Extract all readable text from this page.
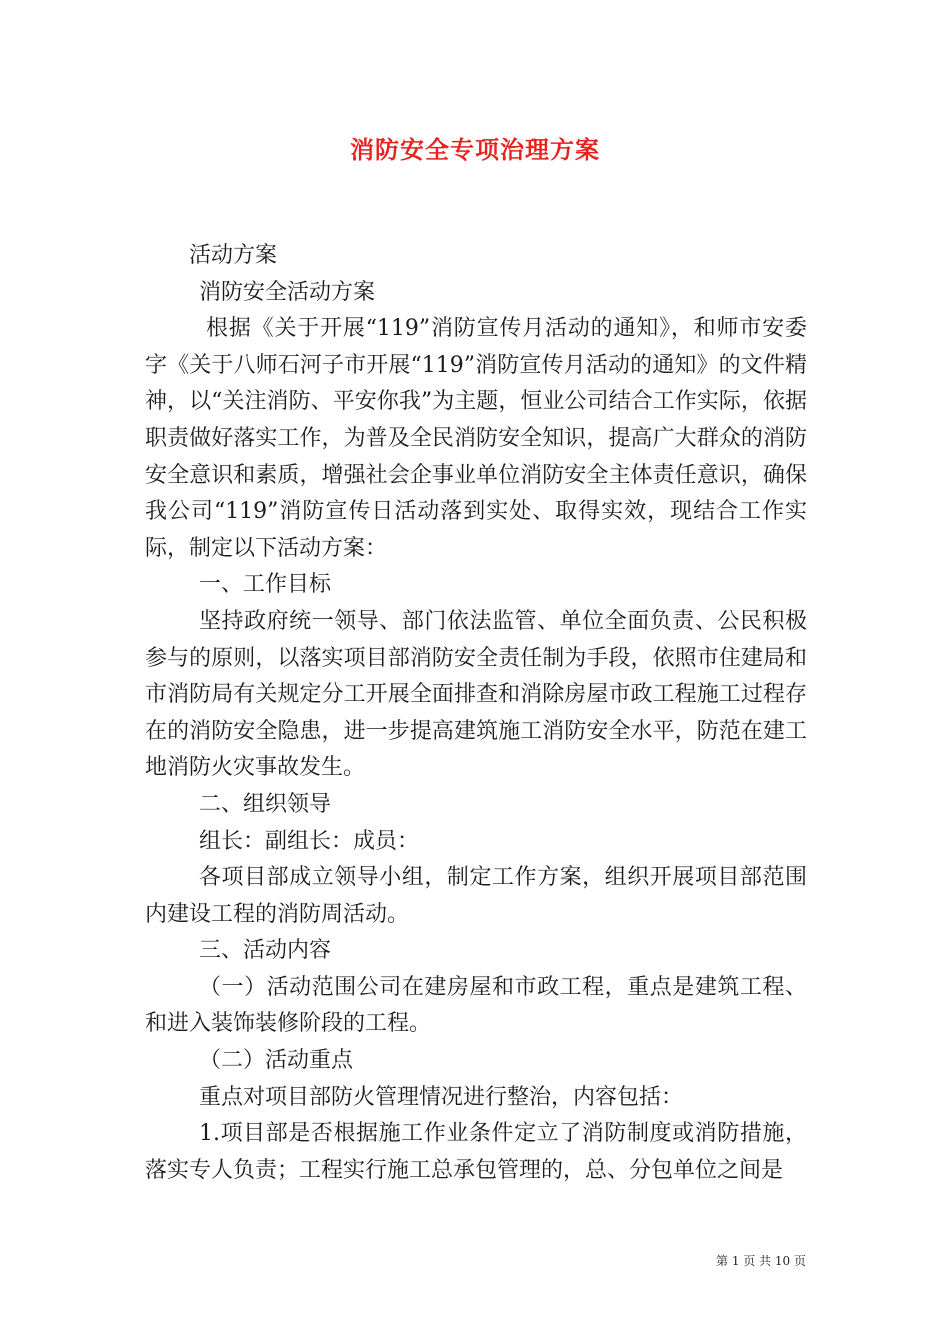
消防安全专项治理方案

活动方案

消防安全活动方案

根据《关于开展“119”消防宣传月活动的通知》，和师市安委字《关于八师石河子市开展“119”消防宣传月活动的通知》的文件精神，以“关注消防、平安你我”为主题，恒业公司结合工作实际，依据职责做好落实工作，为普及全民消防安全知识，提高广大群众的消防安全意识和素质，增强社会企事业单位消防安全主体责任意识，确保我公司“119”消防宣传日活动落到实处、取得实效，现结合工作实际，制定以下活动方案：

一、工作目标

坚持政府统一领导、部门依法监管、单位全面负责、公民积极参与的原则，以落实项目部消防安全责任制为手段，依照市住建局和市消防局有关规定分工开展全面排查和消除房屋市政工程施工过程存在的消防安全隐患，进一步提高建筑施工消防安全水平，防范在建工地消防火灾事故发生。

二、组织领导

组长：副组长：成员：

各项目部成立领导小组，制定工作方案，组织开展项目部范围内建设工程的消防周活动。

三、活动内容

（一）活动范围公司在建房屋和市政工程，重点是建筑工程、和进入装饰装修阶段的工程。

（二）活动重点

重点对项目部防火管理情况进行整治，内容包括：

1.项目部是否根据施工作业条件定立了消防制度或消防措施，落实专人负责；工程实行施工总承包管理的，总、分包单位之间是

第 1 页 共 10 页
